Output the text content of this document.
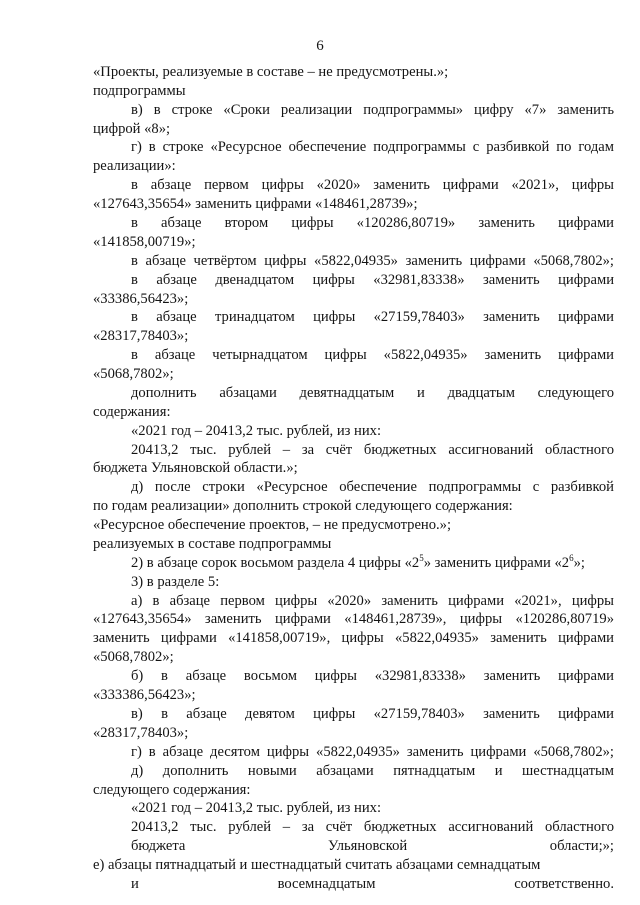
6
«Проекты, реализуемые в составе – не предусмотрены.»;
подпрограммы
в) в строке «Сроки реализации подпрограммы» цифру «7» заменить
цифрой «8»;
г) в строке «Ресурсное обеспечение подпрограммы с разбивкой по годам
реализации»:
в абзаце первом цифры «2020» заменить цифрами «2021», цифры
«127643,35654» заменить цифрами «148461,28739»;
в абзаце втором цифры «120286,80719» заменить цифрами
«141858,00719»;
в абзаце четвёртом цифры «5822,04935» заменить цифрами «5068,7802»;
в абзаце двенадцатом цифры «32981,83338» заменить цифрами
«33386,56423»;
в абзаце тринадцатом цифры «27159,78403» заменить цифрами
«28317,78403»;
в абзаце четырнадцатом цифры «5822,04935» заменить цифрами
«5068,7802»;
дополнить абзацами девятнадцатым и двадцатым следующего
содержания:
«2021 год – 20413,2 тыс. рублей, из них:
20413,2 тыс. рублей – за счёт бюджетных ассигнований областного
бюджета Ульяновской области.»;
д) после строки «Ресурсное обеспечение подпрограммы с разбивкой
по годам реализации» дополнить строкой следующего содержания:
«Ресурсное обеспечение проектов, – не предусмотрено.»;
реализуемых в составе подпрограммы
2) в абзаце сорок восьмом раздела 4 цифры «$2^5$» заменить цифрами «$2^6$»;
3) в разделе 5:
а) в абзаце первом цифры «2020» заменить цифрами «2021», цифры
«127643,35654» заменить цифрами «148461,28739», цифры «120286,80719»
заменить цифрами «141858,00719», цифры «5822,04935» заменить цифрами
«5068,7802»;
б) в абзаце восьмом цифры «32981,83338» заменить цифрами
«333386,56423»;
в) в абзаце девятом цифры «27159,78403» заменить цифрами
«28317,78403»;
г) в абзаце десятом цифры «5822,04935» заменить цифрами «5068,7802»;
д) дополнить новыми абзацами пятнадцатым и шестнадцатым
следующего содержания:
«2021 год – 20413,2 тыс. рублей, из них:
20413,2 тыс. рублей – за счёт бюджетных ассигнований областного
бюджета Ульяновской области;»;
е) абзацы пятнадцатый и шестнадцатый считать абзацами семнадцатым
и восемнадцатым соответственно.
